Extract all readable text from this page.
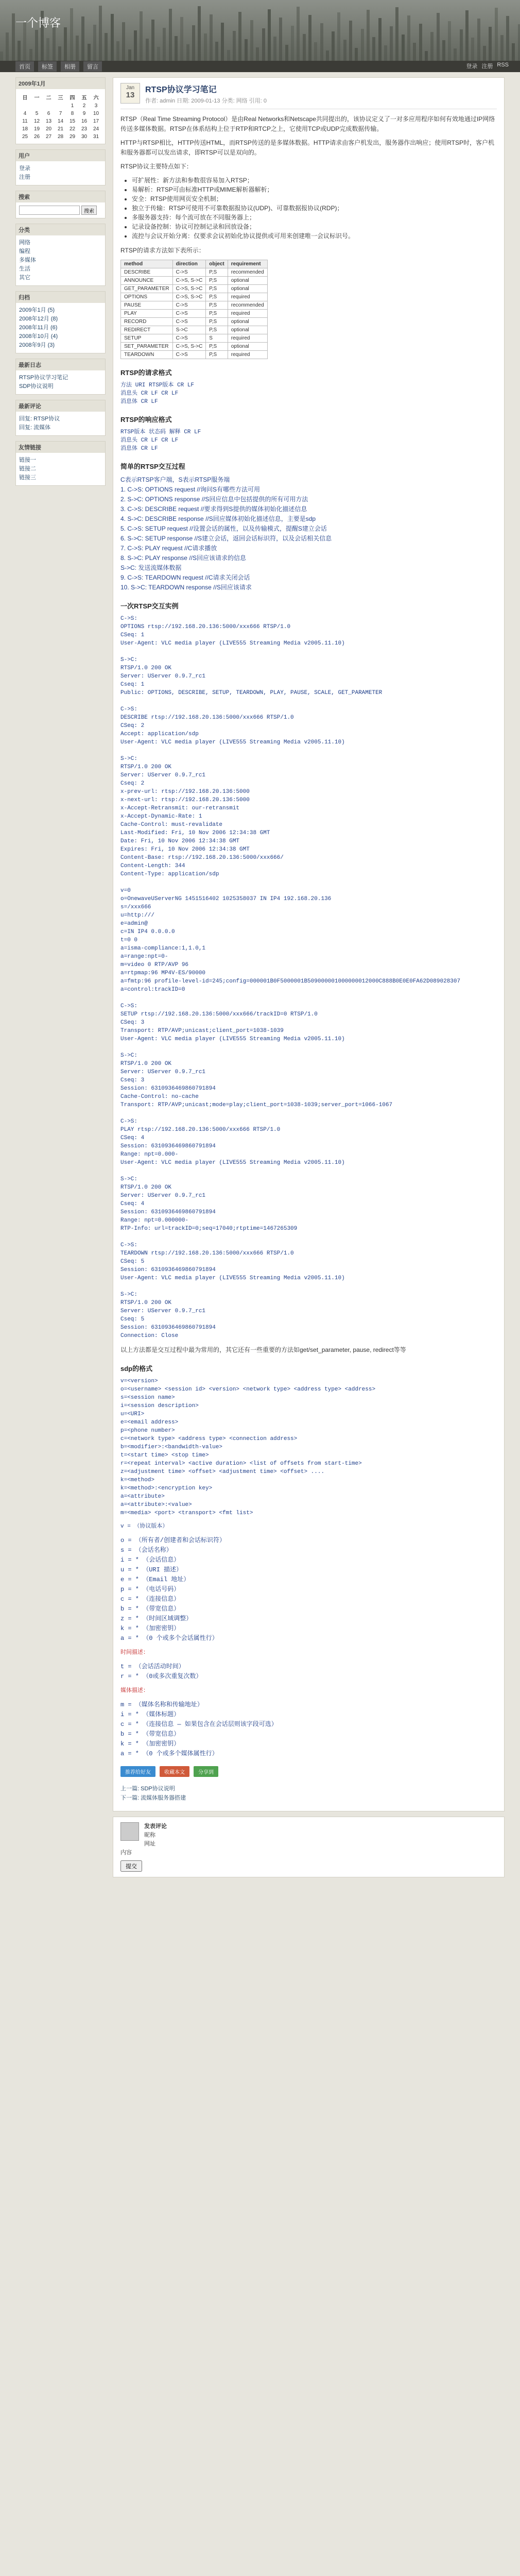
一个博客
首页	标签	相册	留言	登录 注册 RSS
2009年1月
日	一	二	三	四	五	六
				1	2	3
4	5	6	7	8	9	10
11	12	13	14	15	16	17
18	19	20	21	22	23	24
25	26	27	28	29	30	31
用户
登录
注册
搜索
搜索
分类
网络
编程
多媒体
生活
其它
归档
2009年1月 (5)
2008年12月 (8)
2008年11月 (6)
2008年10月 (4)
2008年9月 (3)
最新日志
RTSP协议学习笔记
SDP协议说明
最新评论
回复: RTSP协议
回复: 流媒体
友情链接
链接一
链接二
链接三
Jan
13
RTSP协议学习笔记
作者: admin 日期: 2009-01-13 分类: 网络 引用: 0

RTSP（Real Time Streaming Protocol）是由Real Networks和Netscape共同提出的，该协议定义了一对多应用程序如何有效地通过IP网络传送多媒体数据。RTSP在体系结构上位于RTP和RTCP之上，它使用TCP或UDP完成数据传输。

HTTP与RTSP相比，HTTP传送HTML，而RTSP传送的是多媒体数据。HTTP请求由客户机发出，服务器作出响应；使用RTSP时，客户机和服务器都可以发出请求，即RTSP可以是双向的。

RTSP协议主要特点如下：

• 可扩展性：新方法和参数很容易加入RTSP；
• 易解析：RTSP可由标准HTTP或MIME解析器解析；
• 安全：RTSP使用网页安全机制；
• 独立于传输：RTSP可使用不可靠数据报协议(UDP)、可靠数据报协议(RDP)；
• 多服务器支持：每个流可放在不同服务器上；
• 记录设备控制：协议可控制记录和回放设备；
• 流控与会议开始分离：仅要求会议初始化协议提供或可用来创建唯一会议标识号。

RTSP的请求方法如下表所示：

method	direction	object	requirement
DESCRIBE	C->S	P,S	recommended
ANNOUNCE	C->S, S->C	P,S	optional
GET_PARAMETER	C->S, S->C	P,S	optional
OPTIONS	C->S, S->C	P,S	required
PAUSE	C->S	P,S	recommended
PLAY	C->S	P,S	required
RECORD	C->S	P,S	optional
REDIRECT	S->C	P,S	optional
SETUP	C->S	S	required
SET_PARAMETER	C->S, S->C	P,S	optional
TEARDOWN	C->S	P,S	required
RTSP的请求格式
方法 URI RTSP版本 CR LF
消息头 CR LF CR LF
消息体 CR LF
RTSP的响应格式
RTSP版本 状态码 解释 CR LF
消息头 CR LF CR LF
消息体 CR LF
简单的RTSP交互过程
C表示RTSP客户端，S表示RTSP服务端
1. C->S: OPTIONS request //询问S有哪些方法可用
2. S->C: OPTIONS response //S回应信息中包括提供的所有可用方法
3. C->S: DESCRIBE request //要求得到S提供的媒体初始化描述信息
4. S->C: DESCRIBE response //S回应媒体初始化描述信息，主要是sdp
5. C->S: SETUP request //设置会话的属性，以及传输模式，提醒S建立会话
6. S->C: SETUP response //S建立会话，返回会话标识符，以及会话相关信息
7. C->S: PLAY request //C请求播放
8. S->C: PLAY response //S回应该请求的信息
S->C: 发送流媒体数据
9. C->S: TEARDOWN request //C请求关闭会话
10. S->C: TEARDOWN response //S回应该请求
一次RTSP交互实例
C->S:
OPTIONS rtsp://192.168.20.136:5000/xxx666 RTSP/1.0
CSeq: 1
User-Agent: VLC media player (LIVE555 Streaming Media v2005.11.10)

S->C:
RTSP/1.0 200 OK
Server: UServer 0.9.7_rc1
Cseq: 1
Public: OPTIONS, DESCRIBE, SETUP, TEARDOWN, PLAY, PAUSE, SCALE, GET_PARAMETER

C->S:
DESCRIBE rtsp://192.168.20.136:5000/xxx666 RTSP/1.0
CSeq: 2
Accept: application/sdp
User-Agent: VLC media player (LIVE555 Streaming Media v2005.11.10)

S->C:
RTSP/1.0 200 OK
Server: UServer 0.9.7_rc1
Cseq: 2
x-prev-url: rtsp://192.168.20.136:5000
x-next-url: rtsp://192.168.20.136:5000
x-Accept-Retransmit: our-retransmit
x-Accept-Dynamic-Rate: 1
Cache-Control: must-revalidate
Last-Modified: Fri, 10 Nov 2006 12:34:38 GMT
Date: Fri, 10 Nov 2006 12:34:38 GMT
Expires: Fri, 10 Nov 2006 12:34:38 GMT
Content-Base: rtsp://192.168.20.136:5000/xxx666/
Content-Length: 344
Content-Type: application/sdp

v=0
o=OnewaveUServerNG 1451516402 1025358037 IN IP4 192.168.20.136
s=/xxx666
u=http:///
e=admin@
c=IN IP4 0.0.0.0
t=0 0
a=isma-compliance:1,1.0,1
a=range:npt=0-
m=video 0 RTP/AVP 96
a=rtpmap:96 MP4V-ES/90000
a=fmtp:96 profile-level-id=245;config=000001B0F5000001B509000001000000012000C888B0E0E0FA62D089028307
a=control:trackID=0

C->S:
SETUP rtsp://192.168.20.136:5000/xxx666/trackID=0 RTSP/1.0
CSeq: 3
Transport: RTP/AVP;unicast;client_port=1038-1039
User-Agent: VLC media player (LIVE555 Streaming Media v2005.11.10)

S->C:
RTSP/1.0 200 OK
Server: UServer 0.9.7_rc1
Cseq: 3
Session: 6310936469860791894
Cache-Control: no-cache
Transport: RTP/AVP;unicast;mode=play;client_port=1038-1039;server_port=1066-1067

C->S:
PLAY rtsp://192.168.20.136:5000/xxx666 RTSP/1.0
CSeq: 4
Session: 6310936469860791894
Range: npt=0.000-
User-Agent: VLC media player (LIVE555 Streaming Media v2005.11.10)

S->C:
RTSP/1.0 200 OK
Server: UServer 0.9.7_rc1
Cseq: 4
Session: 6310936469860791894
Range: npt=0.000000-
RTP-Info: url=trackID=0;seq=17040;rtptime=1467265309

C->S:
TEARDOWN rtsp://192.168.20.136:5000/xxx666 RTSP/1.0
CSeq: 5
Session: 6310936469860791894
User-Agent: VLC media player (LIVE555 Streaming Media v2005.11.10)

S->C:
RTSP/1.0 200 OK
Server: UServer 0.9.7_rc1
Cseq: 5
Session: 6310936469860791894
Connection: Close

以上方法都是交互过程中最为常用的，其它还有一些重要的方法如get/set_parameter, pause, redirect等等

sdp的格式
v=<version>
o=<username> <session id> <version> <network type> <address type> <address>
s=<session name>
i=<session description>
u=<URI>
e=<email address>
p=<phone number>
c=<network type> <address type> <connection address>
b=<modifier>:<bandwidth-value>
t=<start time> <stop time>
r=<repeat interval> <active duration> <list of offsets from start-time>
z=<adjustment time> <offset> <adjustment time> <offset> ....
k=<method>
k=<method>:<encryption key>
a=<attribute>
a=<attribute>:<value>
m=<media> <port> <transport> <fmt list>
v = （协议版本）
o = （所有者/创建者和会话标识符）
s = （会话名称）
i = * （会话信息）
u = * （URI 描述）
e = * （Email 地址）
p = * （电话号码）
c = * （连接信息）
b = * （带宽信息）
z = * （时间区域调整）
k = * （加密密钥）
a = * （0 个或多个会话属性行）
时间描述：
t = （会话活动时间）
r = * （0或多次重复次数）
媒体描述：
m = （媒体名称和传输地址）
i = * （媒体标题）
c = * （连接信息 — 如果包含在会话层则该字段可选）
b = * （带宽信息）
k = * （加密密钥）
a = * （0 个或多个媒体属性行）
推荐给好友	收藏本文	分享到
上一篇: SDP协议说明
下一篇: 流媒体服务器搭建
发表评论
昵称
网址
内容
提交
